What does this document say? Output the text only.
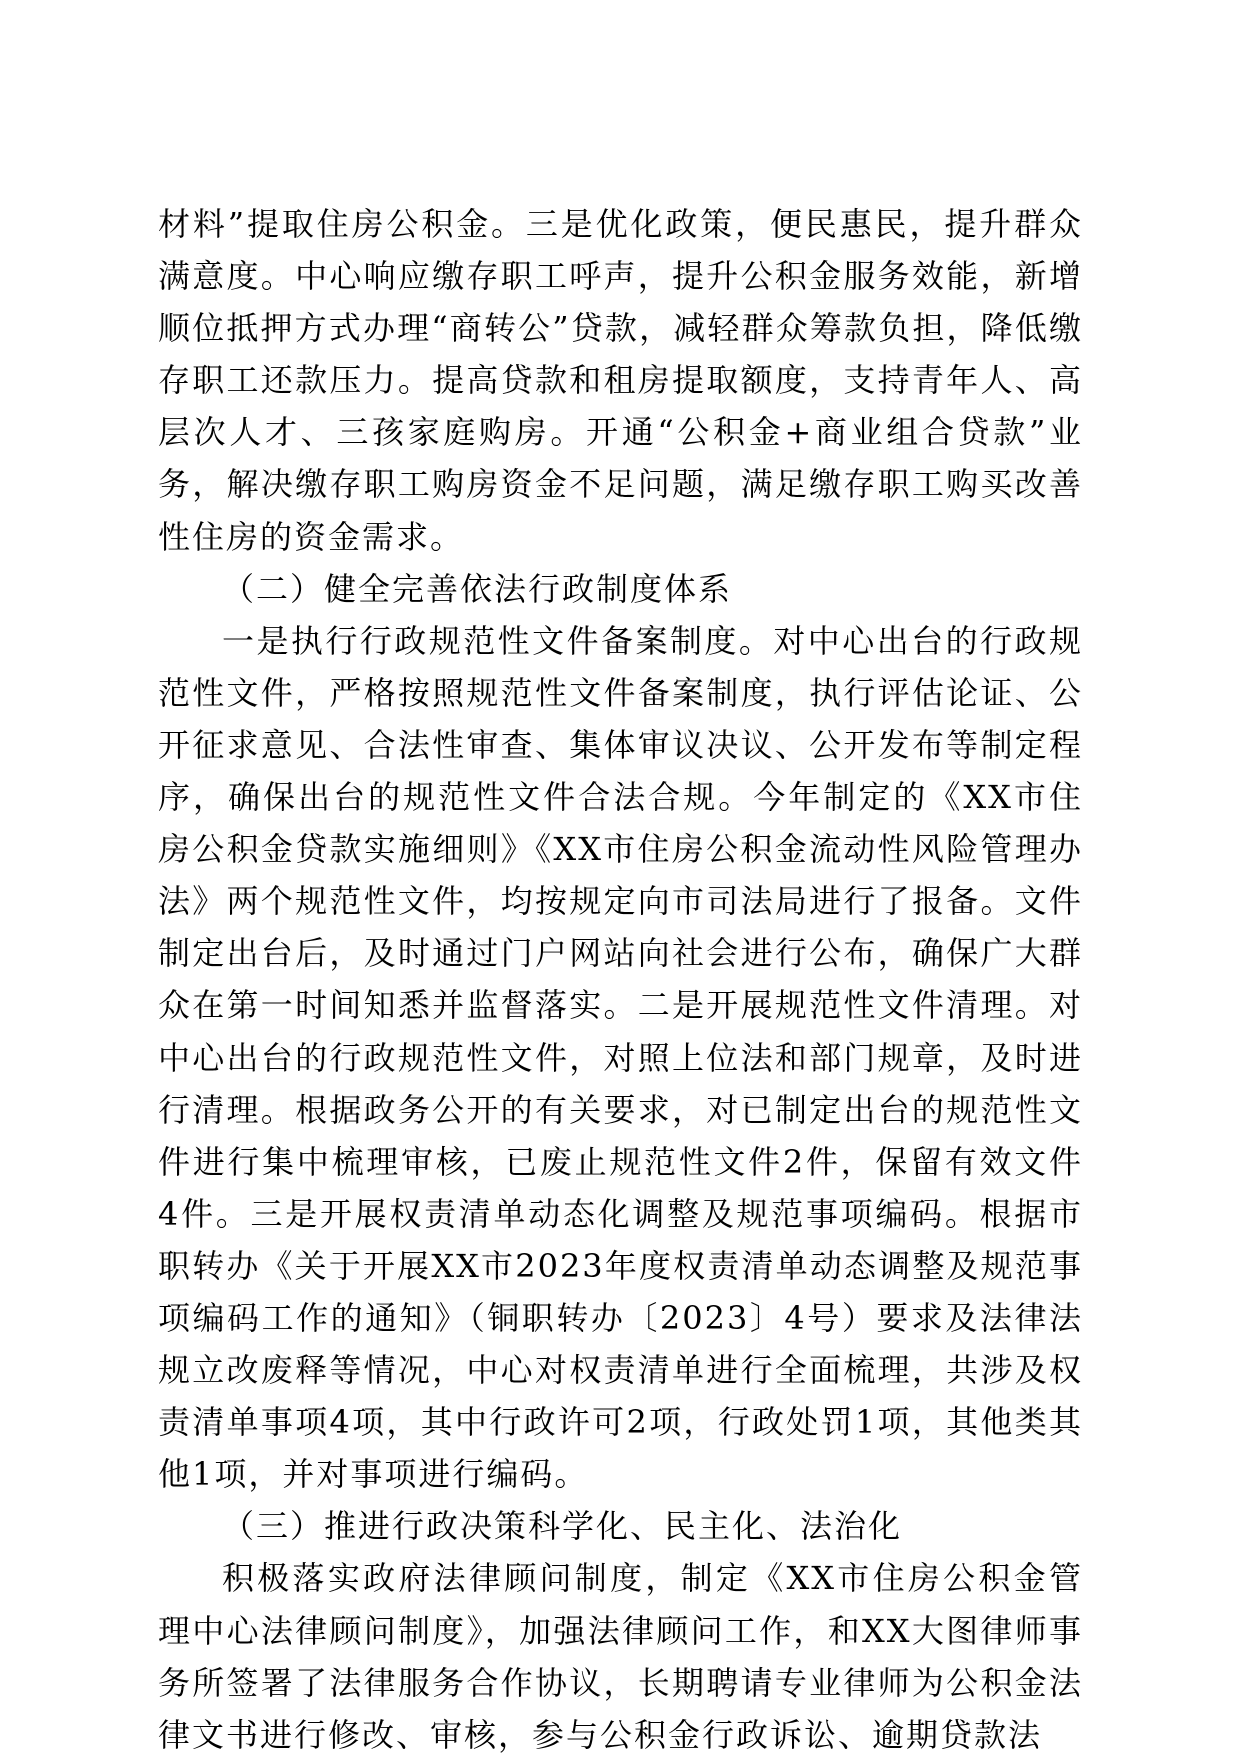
材料”提取住房公积金。三是优化政策，便民惠民，提升群众满意度。中心响应缴存职工呼声，提升公积金服务效能，新增顺位抵押方式办理“商转公”贷款，减轻群众筹款负担，降低缴存职工还款压力。提高贷款和租房提取额度，支持青年人、高层次人才、三孩家庭购房。开通“公积金+商业组合贷款”业务，解决缴存职工购房资金不足问题，满足缴存职工购买改善性住房的资金需求。

（二）健全完善依法行政制度体系

一是执行行政规范性文件备案制度。对中心出台的行政规范性文件，严格按照规范性文件备案制度，执行评估论证、公开征求意见、合法性审查、集体审议决议、公开发布等制定程序，确保出台的规范性文件合法合规。今年制定的《XX市住房公积金贷款实施细则》《XX市住房公积金流动性风险管理办法》两个规范性文件，均按规定向市司法局进行了报备。文件制定出台后，及时通过门户网站向社会进行公布，确保广大群众在第一时间知悉并监督落实。二是开展规范性文件清理。对中心出台的行政规范性文件，对照上位法和部门规章，及时进行清理。根据政务公开的有关要求，对已制定出台的规范性文件进行集中梳理审核，已废止规范性文件2件，保留有效文件4件。三是开展权责清单动态化调整及规范事项编码。根据市职转办《关于开展XX市2023年度权责清单动态调整及规范事项编码工作的通知》（铜职转办〔2023〕4号）要求及法律法规立改废释等情况，中心对权责清单进行全面梳理，共涉及权责清单事项4项，其中行政许可2项，行政处罚1项，其他类其他1项，并对事项进行编码。

（三）推进行政决策科学化、民主化、法治化

积极落实政府法律顾问制度，制定《XX市住房公积金管理中心法律顾问制度》，加强法律顾问工作，和XX大图律师事务所签署了法律服务合作协议，长期聘请专业律师为公积金法律文书进行修改、审核，参与公积金行政诉讼、逾期贷款法
